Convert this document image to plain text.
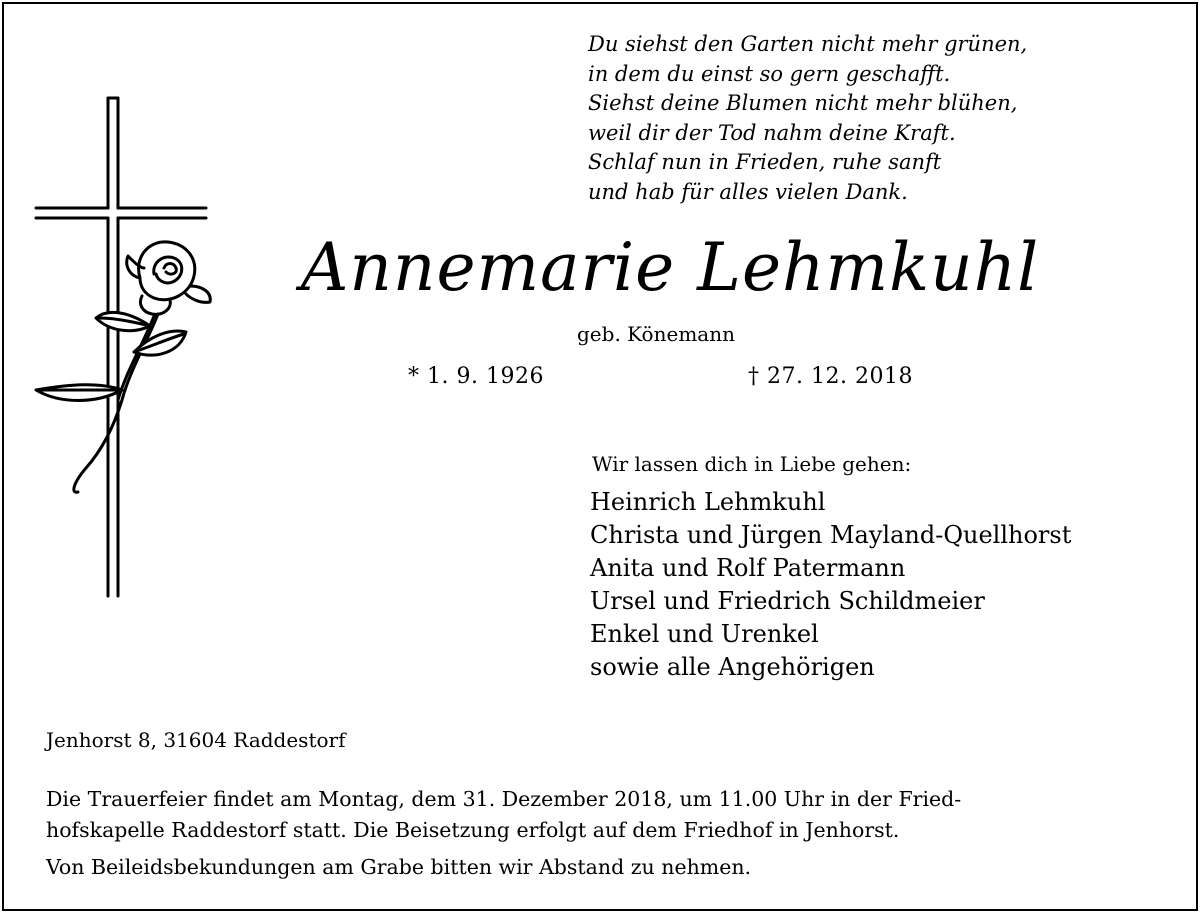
Du siehst den Garten nicht mehr grünen,
in dem du einst so gern geschafft.
Siehst deine Blumen nicht mehr blühen,
weil dir der Tod nahm deine Kraft.
Schlaf nun in Frieden, ruhe sanft
und hab für alles vielen Dank.
Annemarie Lehmkuhl
geb. Könemann
* 1. 9. 1926	† 27. 12. 2018
Wir lassen dich in Liebe gehen:
Heinrich Lehmkuhl
Christa und Jürgen Mayland-Quellhorst
Anita und Rolf Patermann
Ursel und Friedrich Schildmeier
Enkel und Urenkel
sowie alle Angehörigen
Jenhorst 8, 31604 Raddestorf
Die Trauerfeier findet am Montag, dem 31. Dezember 2018, um 11.00 Uhr in der Fried-
hofskapelle Raddestorf statt. Die Beisetzung erfolgt auf dem Friedhof in Jenhorst.
Von Beileidsbekundungen am Grabe bitten wir Abstand zu nehmen.
